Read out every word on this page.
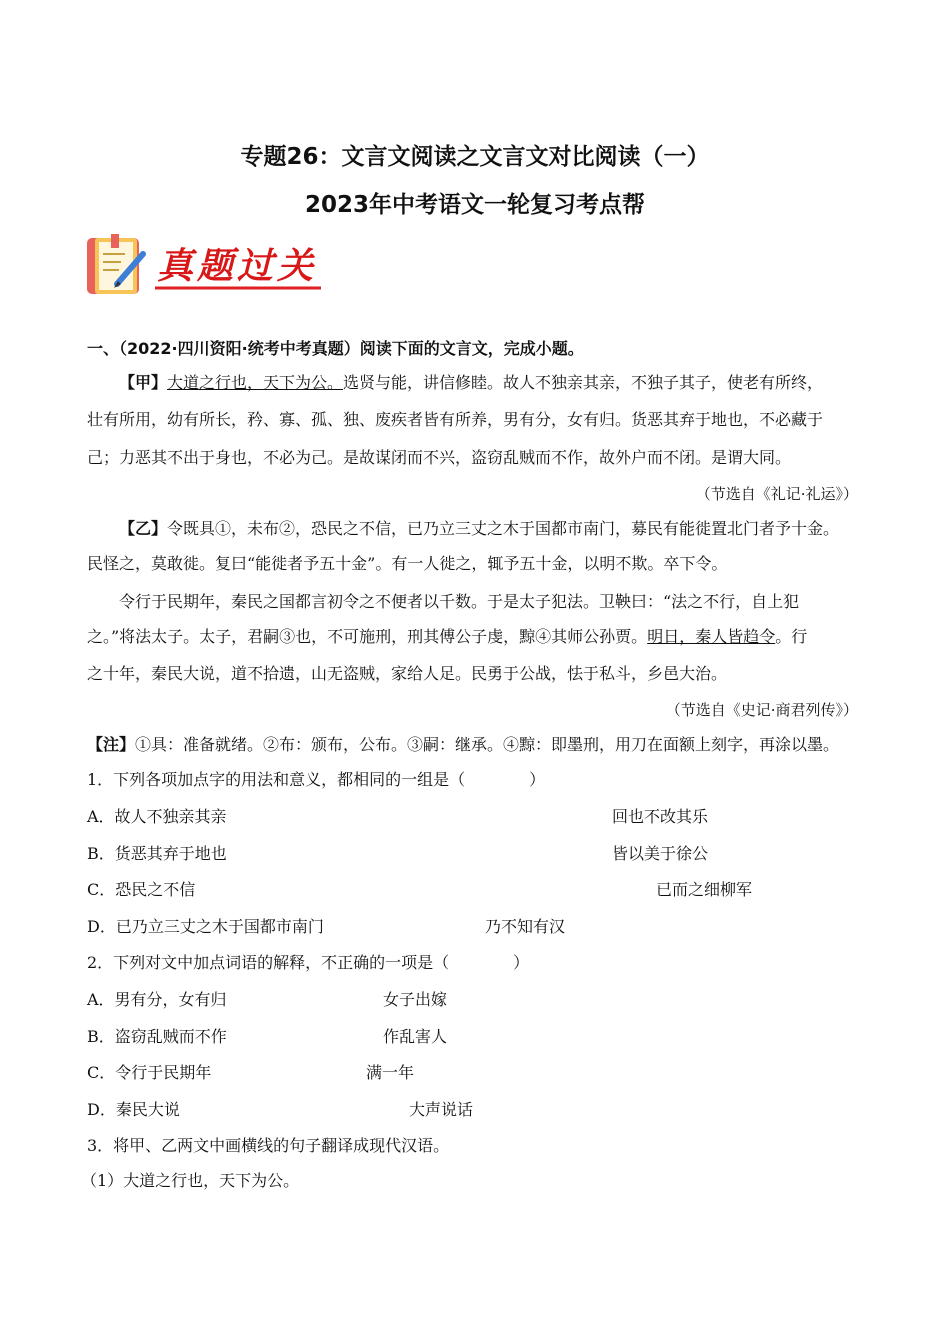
专题26：文言文阅读之文言文对比阅读（一）
2023年中考语文一轮复习考点帮
真题过关
一、（2022·四川资阳·统考中考真题）阅读下面的文言文，完成小题。
【甲】大道之行也，天下为公。选贤与能，讲信修睦。故人不独亲其亲，不独子其子，使老有所终，
壮有所用，幼有所长，矜、寡、孤、独、废疾者皆有所养，男有分，女有归。货恶其弃于地也，不必藏于
己；力恶其不出于身也，不必为己。是故谋闭而不兴，盗窃乱贼而不作，故外户而不闭。是谓大同。
（节选自《礼记·礼运》）
【乙】令既具①，未布②，恐民之不信，已乃立三丈之木于国都市南门，募民有能徙置北门者予十金。
民怪之，莫敢徙。复曰“能徙者予五十金”。有一人徙之，辄予五十金，以明不欺。卒下令。
令行于民期年，秦民之国都言初令之不便者以千数。于是太子犯法。卫鞅曰：“法之不行，自上犯
之。”将法太子。太子，君嗣③也，不可施刑，刑其傅公子虔，黥④其师公孙贾。明日，秦人皆趋令。行
之十年，秦民大说，道不拾遗，山无盗贼，家给人足。民勇于公战，怯于私斗，乡邑大治。
（节选自《史记·商君列传》）
【注】①具：准备就绪。②布：颁布，公布。③嗣：继承。④黥：即墨刑，用刀在面额上刻字，再涂以墨。
1．下列各项加点字的用法和意义，都相同的一组是（　　　　）
A．故人不独亲其亲	回也不改其乐
B．货恶其弃于地也	皆以美于徐公
C．恐民之不信	已而之细柳军
D．已乃立三丈之木于国都市南门	乃不知有汉
2．下列对文中加点词语的解释，不正确的一项是（　　　　）
A．男有分，女有归	女子出嫁
B．盗窃乱贼而不作	作乱害人
C．令行于民期年	满一年
D．秦民大说	大声说话
3．将甲、乙两文中画横线的句子翻译成现代汉语。
（1）大道之行也，天下为公。
